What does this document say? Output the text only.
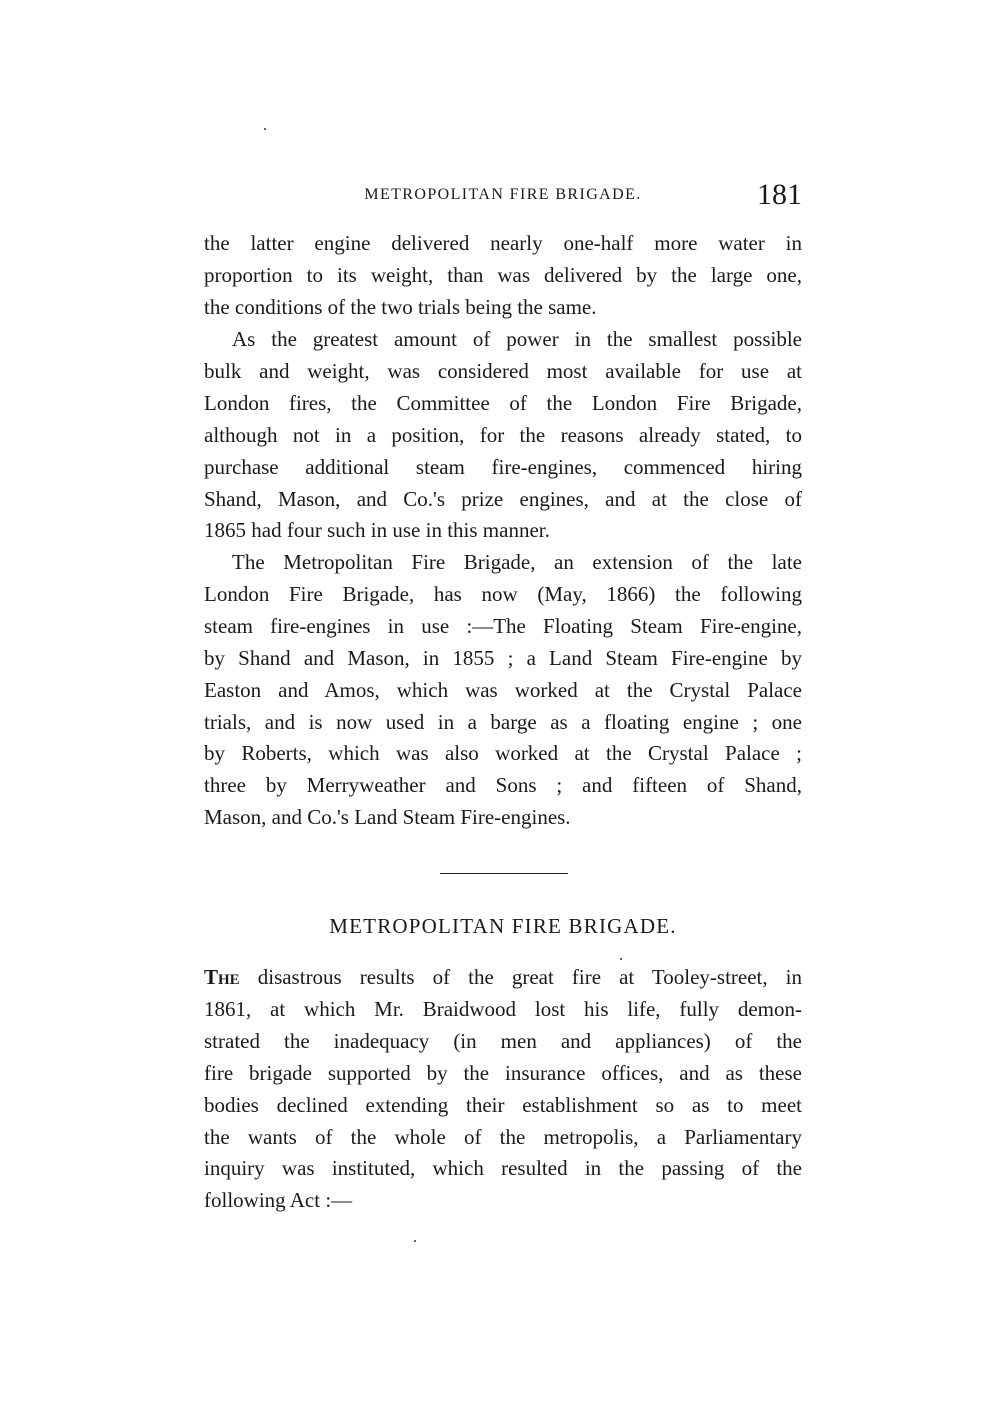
METROPOLITAN FIRE BRIGADE.	181
the latter engine delivered nearly one-half more water in
proportion to its weight, than was delivered by the large one,
the conditions of the two trials being the same.
As the greatest amount of power in the smallest possible
bulk and weight, was considered most available for use at
London fires, the Committee of the London Fire Brigade,
although not in a position, for the reasons already stated, to
purchase additional steam fire-engines, commenced hiring
Shand, Mason, and Co.'s prize engines, and at the close of
1865 had four such in use in this manner.
The Metropolitan Fire Brigade, an extension of the late
London Fire Brigade, has now (May, 1866) the following
steam fire-engines in use :—The Floating Steam Fire-engine,
by Shand and Mason, in 1855 ; a Land Steam Fire-engine by
Easton and Amos, which was worked at the Crystal Palace
trials, and is now used in a barge as a floating engine ; one
by Roberts, which was also worked at the Crystal Palace ;
three by Merryweather and Sons ; and fifteen of Shand,
Mason, and Co.'s Land Steam Fire-engines.
METROPOLITAN FIRE BRIGADE.
The disastrous results of the great fire at Tooley-street, in
1861, at which Mr. Braidwood lost his life, fully demon-
strated the inadequacy (in men and appliances) of the
fire brigade supported by the insurance offices, and as these
bodies declined extending their establishment so as to meet
the wants of the whole of the metropolis, a Parliamentary
inquiry was instituted, which resulted in the passing of the
following Act :—
